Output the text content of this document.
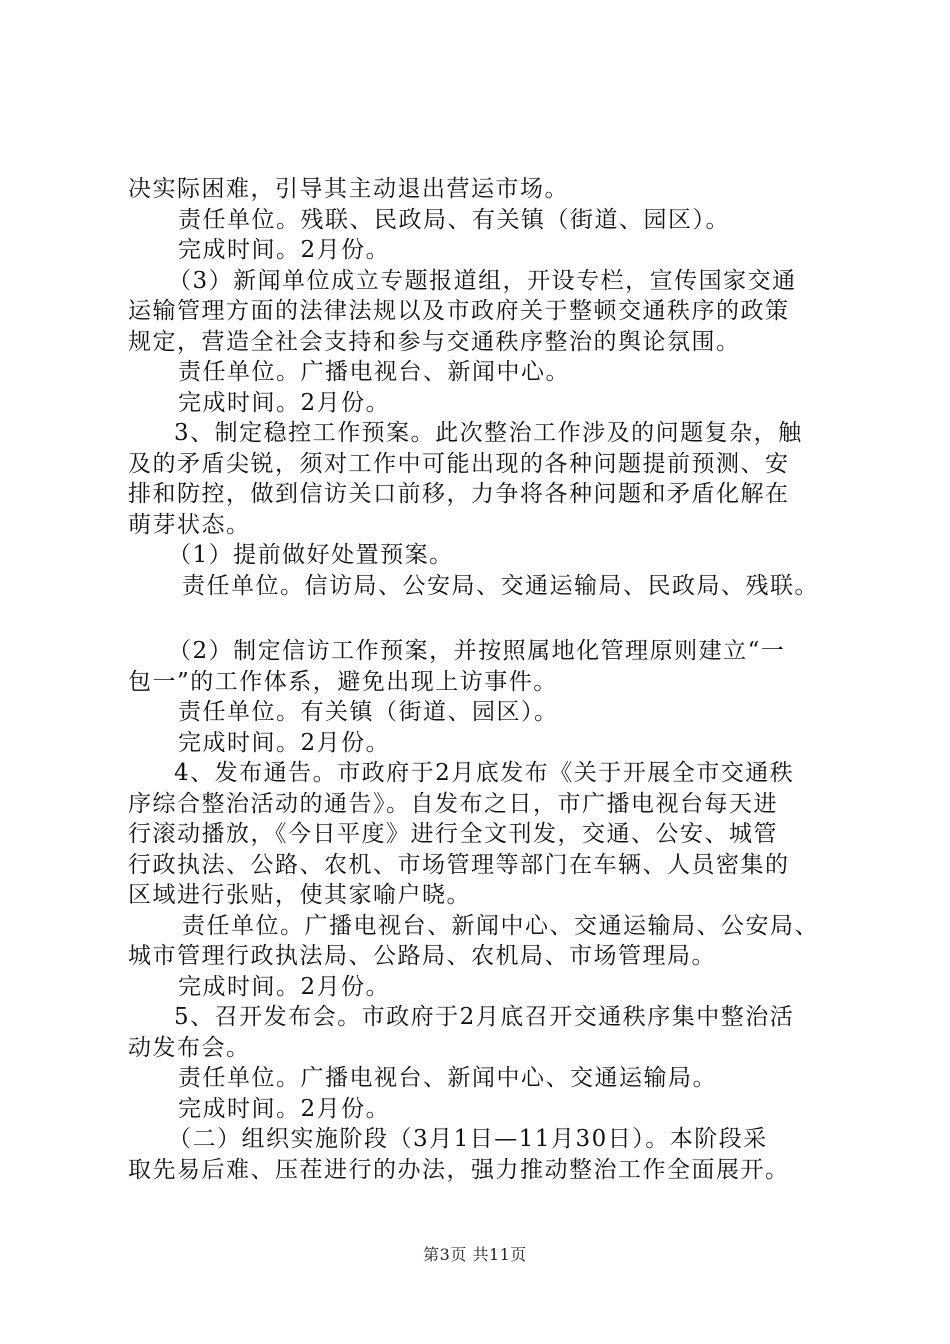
决实际困难，引导其主动退出营运市场。
责任单位。残联、民政局、有关镇（街道、园区）。
完成时间。2月份。
（3）新闻单位成立专题报道组，开设专栏，宣传国家交通
运输管理方面的法律法规以及市政府关于整顿交通秩序的政策
规定，营造全社会支持和参与交通秩序整治的舆论氛围。
责任单位。广播电视台、新闻中心。
完成时间。2月份。
3、制定稳控工作预案。此次整治工作涉及的问题复杂，触
及的矛盾尖锐，须对工作中可能出现的各种问题提前预测、安
排和防控，做到信访关口前移，力争将各种问题和矛盾化解在
萌芽状态。
（1）提前做好处置预案。
责任单位。信访局、公安局、交通运输局、民政局、残联。
（2）制定信访工作预案，并按照属地化管理原则建立“一
包一”的工作体系，避免出现上访事件。
责任单位。有关镇（街道、园区）。
完成时间。2月份。
4、发布通告。市政府于2月底发布《关于开展全市交通秩
序综合整治活动的通告》。自发布之日，市广播电视台每天进
行滚动播放，《今日平度》进行全文刊发，交通、公安、城管
行政执法、公路、农机、市场管理等部门在车辆、人员密集的
区域进行张贴，使其家喻户晓。
责任单位。广播电视台、新闻中心、交通运输局、公安局、
城市管理行政执法局、公路局、农机局、市场管理局。
完成时间。2月份。
5、召开发布会。市政府于2月底召开交通秩序集中整治活
动发布会。
责任单位。广播电视台、新闻中心、交通运输局。
完成时间。2月份。
（二）组织实施阶段（3月1日—11月30日）。本阶段采
取先易后难、压茬进行的办法，强力推动整治工作全面展开。
第3页 共11页
